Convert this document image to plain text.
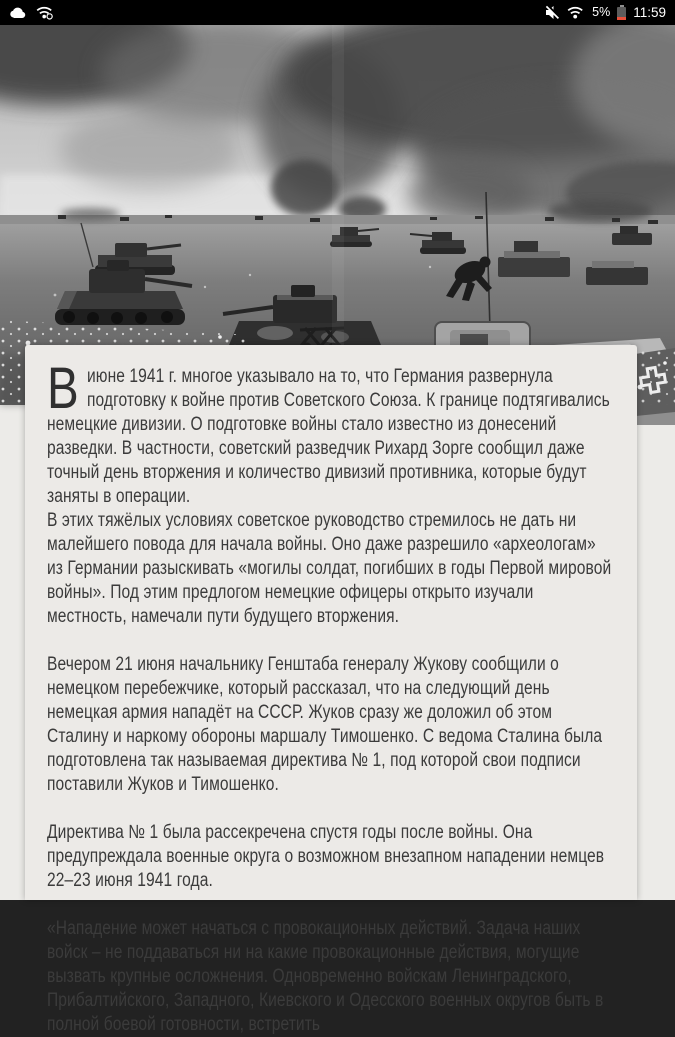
5% 11:59

Виюне 1941 г. многое указывало на то, что Германия развернула подготовку к войне против Советского Союза. К границе подтягивались немецкие дивизии. О подготовке войны стало известно из донесений разведки. В частности, советский разведчик Рихард Зорге сообщил даже точный день вторжения и количество дивизий противника, которые будут заняты в операции.

В этих тяжёлых условиях советское руководство стремилось не дать ни малейшего повода для начала войны. Оно даже разрешило «археологам» из Германии разыскивать «могилы солдат, погибших в годы Первой мировой войны». Под этим предлогом немецкие офицеры открыто изучали местность, намечали пути будущего вторжения.

Вечером 21 июня начальнику Генштаба генералу Жукову сообщили о немецком перебежчике, который рассказал, что на следующий день немецкая армия нападёт на СССР. Жуков сразу же доложил об этом Сталину и наркому обороны маршалу Тимошенко. С ведома Сталина была подготовлена так называемая директива № 1, под которой свои подписи поставили Жуков и Тимошенко.

Директива № 1 была рассекречена спустя годы после войны. Она предупреждала военные округа о возможном внезапном нападении немцев 22–23 июня 1941 года.

«Нападение может начаться с провокационных действий. Задача наших войск – не поддаваться ни на какие провокационные действия, могущие вызвать крупные осложнения. Одновременно войскам Ленинградского, Прибалтийского, Западного, Киевского и Одесского военных округов быть в полной боевой готовности, встретить
